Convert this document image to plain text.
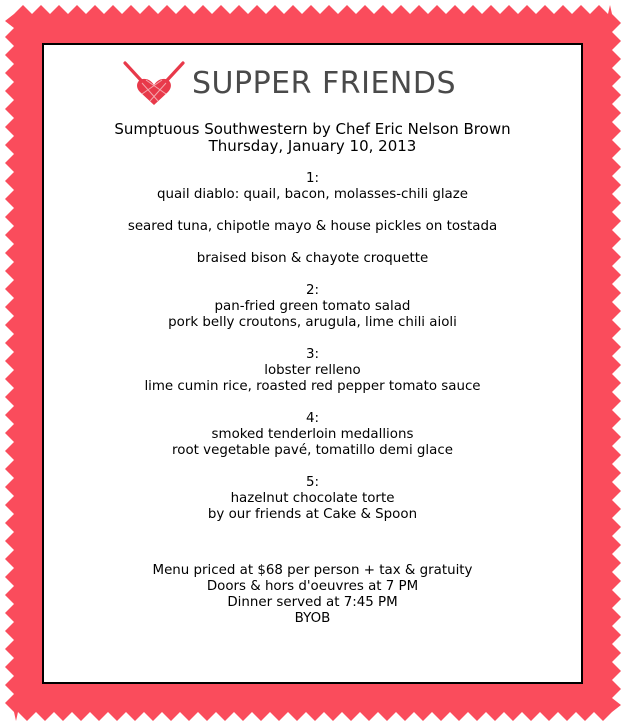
SUPPER FRIENDS
Sumptuous Southwestern by Chef Eric Nelson Brown
Thursday, January 10, 2013
1:
quail diablo: quail, bacon, molasses-chili glaze
seared tuna, chipotle mayo & house pickles on tostada
braised bison & chayote croquette
2:
pan-fried green tomato salad
pork belly croutons, arugula, lime chili aioli
3:
lobster relleno
lime cumin rice, roasted red pepper tomato sauce
4:
smoked tenderloin medallions
root vegetable pavé, tomatillo demi glace
5:
hazelnut chocolate torte
by our friends at Cake & Spoon
Menu priced at $68 per person + tax & gratuity
Doors & hors d'oeuvres at 7 PM
Dinner served at 7:45 PM
BYOB
